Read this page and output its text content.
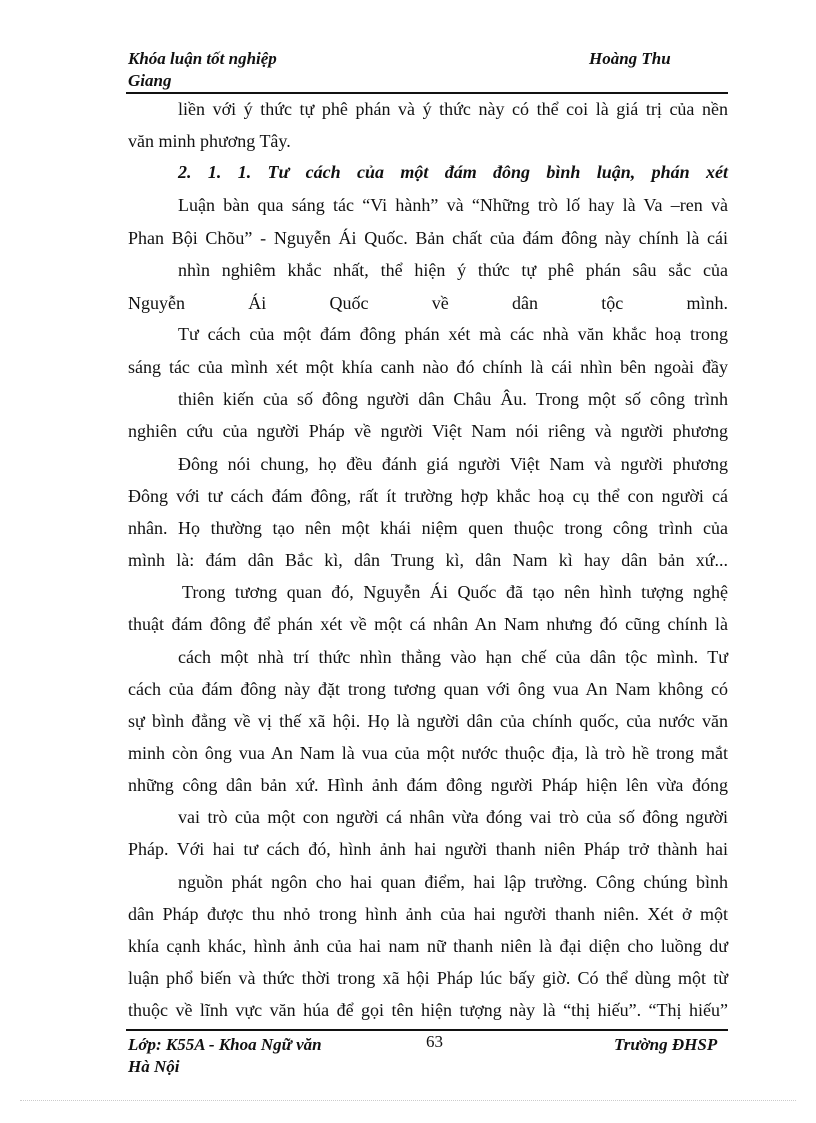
Khóa luận tốt nghiệp
Giang
Hoàng Thu
liền với ý thức tự phê phán và ý thức này có thể coi là giá trị của nền
văn minh phương Tây.
2. 1. 1. Tư cách của một đám đông bình luận, phán xét
Luận bàn qua sáng tác “Vi hành” và “Những trò lố hay là Va –ren và
Phan Bội Chõu” - Nguyễn Ái Quốc. Bản chất của đám đông này chính là cái
nhìn nghiêm khắc nhất, thể hiện ý thức tự phê phán sâu sắc của
Nguyễn Ái Quốc về dân tộc mình.
Tư cách của một đám đông phán xét mà các nhà văn khắc hoạ trong
sáng tác của mình xét một khía canh nào đó chính là cái nhìn bên ngoài đầy
thiên kiến của số đông người dân Châu Âu. Trong một số công trình
nghiên cứu của người Pháp về người Việt Nam nói riêng và người phương
Đông nói chung, họ đều đánh giá người Việt Nam và người phương
Đông với tư cách đám đông, rất ít trường hợp khắc hoạ cụ thể con người cá
nhân. Họ thường tạo nên một khái niệm quen thuộc trong công trình của
mình là: đám dân Bắc kì, dân Trung kì, dân Nam kì hay dân bản xứ...
Trong tương quan đó, Nguyễn Ái Quốc đã tạo nên hình tượng nghệ
thuật đám đông để phán xét về một cá nhân An Nam nhưng đó cũng chính là
cách một nhà trí thức nhìn thẳng vào hạn chế của dân tộc mình. Tư
cách của đám đông này đặt trong tương quan với ông vua An Nam không có
sự bình đẳng về vị thế xã hội. Họ là người dân của chính quốc, của nước văn
minh còn ông vua An Nam là vua của một nước thuộc địa, là trò hề trong mắt
những công dân bản xứ. Hình ảnh đám đông người Pháp hiện lên vừa đóng
vai trò của một con người cá nhân vừa đóng vai trò của số đông người
Pháp. Với hai tư cách đó, hình ảnh hai người thanh niên Pháp trở thành hai
nguồn phát ngôn cho hai quan điểm, hai lập trường. Công chúng bình
dân Pháp được thu nhỏ trong hình ảnh của hai người thanh niên. Xét ở một
khía cạnh khác, hình ảnh của hai nam nữ thanh niên là đại diện cho luồng dư
luận phổ biến và thức thời trong xã hội Pháp lúc bấy giờ. Có thể dùng một từ
thuộc về lĩnh vực văn húa để gọi tên hiện tượng này là “thị hiếu”. “Thị hiếu”
Lớp: K55A - Khoa Ngữ văn
Hà Nội
63	Trường ĐHSP
